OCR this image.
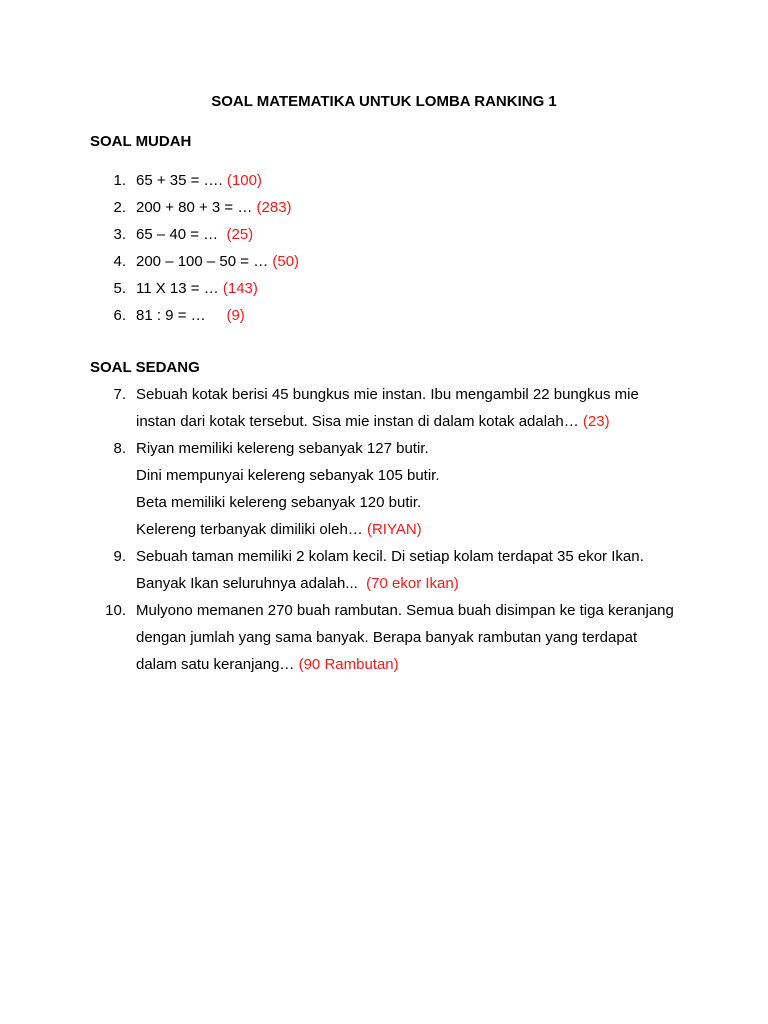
SOAL MATEMATIKA UNTUK LOMBA RANKING 1
SOAL MUDAH
1. 65 + 35 = …. (100)
2. 200 + 80 + 3 = … (283)
3. 65 – 40 = …  (25)
4. 200 – 100 – 50 = … (50)
5. 11 X 13 = … (143)
6. 81 : 9 = …     (9)
SOAL SEDANG
7. Sebuah kotak berisi 45 bungkus mie instan. Ibu mengambil 22 bungkus mie
instan dari kotak tersebut. Sisa mie instan di dalam kotak adalah… (23)
8. Riyan memiliki kelereng sebanyak 127 butir.
Dini mempunyai kelereng sebanyak 105 butir.
Beta memiliki kelereng sebanyak 120 butir.
Kelereng terbanyak dimiliki oleh… (RIYAN)
9. Sebuah taman memiliki 2 kolam kecil. Di setiap kolam terdapat 35 ekor Ikan.
Banyak Ikan seluruhnya adalah...  (70 ekor Ikan)
10. Mulyono memanen 270 buah rambutan. Semua buah disimpan ke tiga keranjang
dengan jumlah yang sama banyak. Berapa banyak rambutan yang terdapat
dalam satu keranjang… (90 Rambutan)
